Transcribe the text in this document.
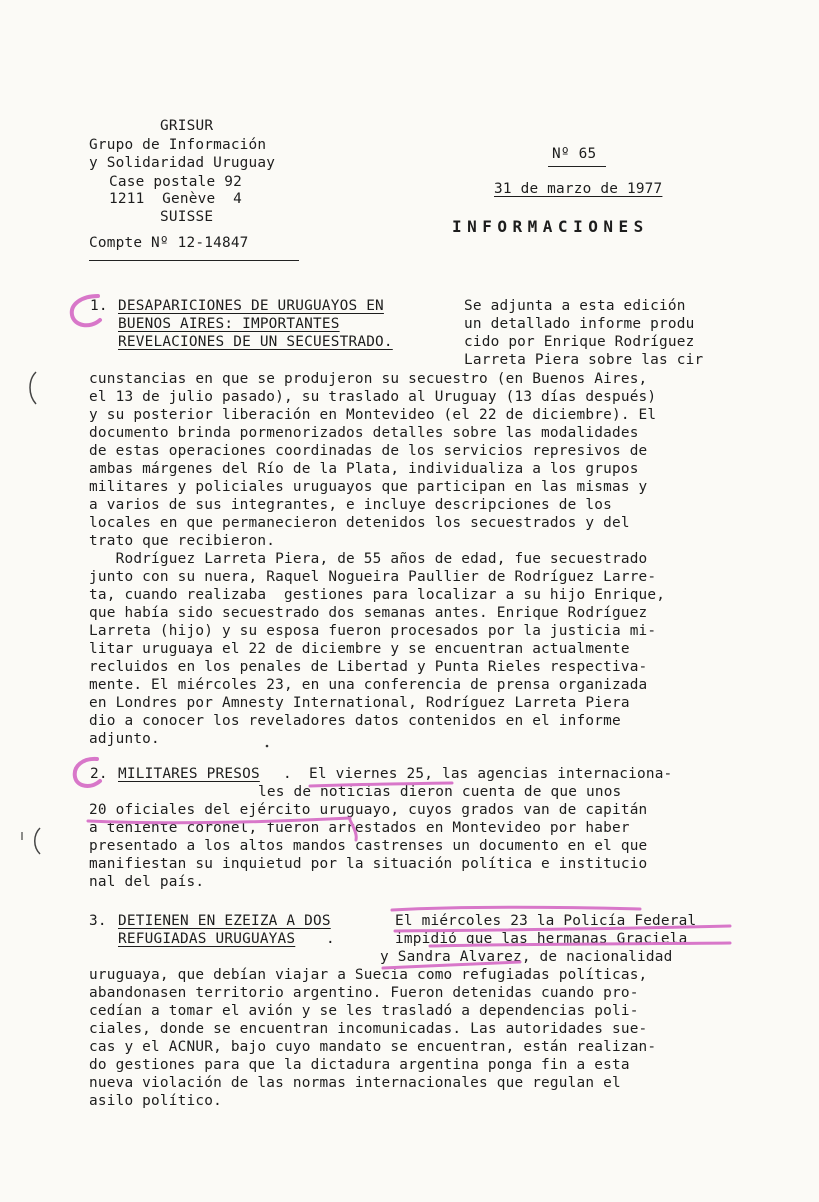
GRISUR
Grupo de Información
y Solidaridad Uruguay
Case postale 92
1211  Genève  4
SUISSE
Compte Nº 12-14847
Nº 65
31 de marzo de 1977
INFORMACIONES
1. DESAPARICIONES DE URUGUAYOS EN
BUENOS AIRES: IMPORTANTES
REVELACIONES DE UN SECUESTRADO.
Se adjunta a esta edición
un detallado informe produ
cido por Enrique Rodríguez
Larreta Piera sobre las cir
cunstancias en que se produjeron su secuestro (en Buenos Aires,
el 13 de julio pasado), su traslado al Uruguay (13 días después)
y su posterior liberación en Montevideo (el 22 de diciembre). El
documento brinda pormenorizados detalles sobre las modalidades
de estas operaciones coordinadas de los servicios represivos de
ambas márgenes del Río de la Plata, individualiza a los grupos
militares y policiales uruguayos que participan en las mismas y
a varios de sus integrantes, e incluye descripciones de los
locales en que permanecieron detenidos los secuestrados y del
trato que recibieron.
Rodríguez Larreta Piera, de 55 años de edad, fue secuestrado
junto con su nuera, Raquel Nogueira Paullier de Rodríguez Larre-
ta, cuando realizaba  gestiones para localizar a su hijo Enrique,
que había sido secuestrado dos semanas antes. Enrique Rodríguez
Larreta (hijo) y su esposa fueron procesados por la justicia mi-
litar uruguaya el 22 de diciembre y se encuentran actualmente
recluidos en los penales de Libertad y Punta Rieles respectiva-
mente. El miércoles 23, en una conferencia de prensa organizada
en Londres por Amnesty International, Rodríguez Larreta Piera
dio a conocer los reveladores datos contenidos en el informe
adjunto.
2. MILITARES PRESOS . El viernes 25, las agencias internaciona-
les de noticias dieron cuenta de que unos
20 oficiales del ejército uruguayo, cuyos grados van de capitán
a teniente coronel, fueron arrestados en Montevideo por haber
presentado a los altos mandos castrenses un documento en el que
manifiestan su inquietud por la situación política e institucio
nal del país.
3. DETIENEN EN EZEIZA A DOS
REFUGIADAS URUGUAYAS .
El miércoles 23 la Policía Federal
impidió que las hermanas Graciela
y Sandra Alvarez, de nacionalidad
uruguaya, que debían viajar a Suecia como refugiadas políticas,
abandonasen territorio argentino. Fueron detenidas cuando pro-
cedían a tomar el avión y se les trasladó a dependencias poli-
ciales, donde se encuentran incomunicadas. Las autoridades sue-
cas y el ACNUR, bajo cuyo mandato se encuentran, están realizan-
do gestiones para que la dictadura argentina ponga fin a esta
nueva violación de las normas internacionales que regulan el
asilo político.
